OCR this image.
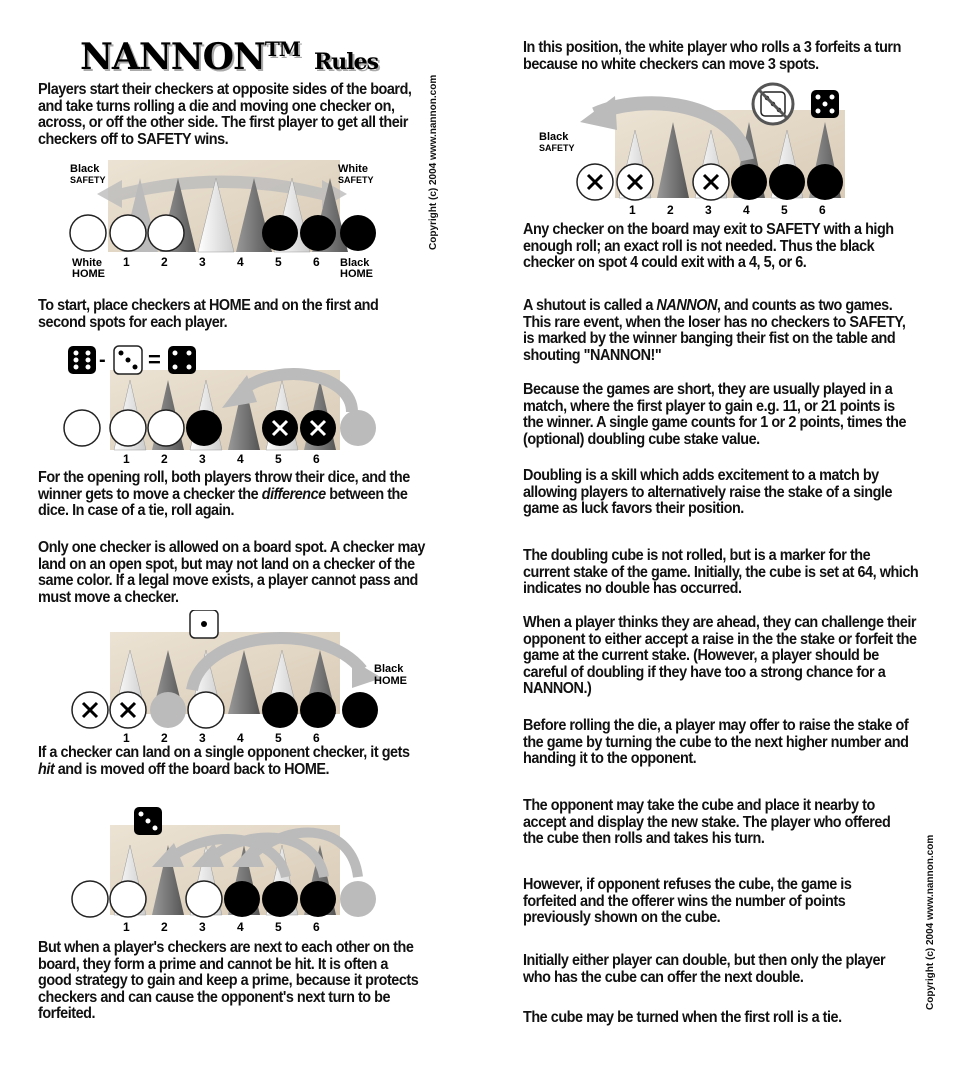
NANNON™ Rules
Copyright (c) 2004 www.nannon.com
Copyright (c) 2004 www.nannon.com

Players start their checkers at opposite sides of the board, and take turns rolling a die and moving one checker on, across, or off the other side. The first player to get all their checkers off to SAFETY wins.

To start, place checkers at HOME and on the first and second spots for each player.

For the opening roll, both players throw their dice, and the winner gets to move a checker the difference between the dice. In case of a tie, roll again.

Only one checker is allowed on a board spot. A checker may land on an open spot, but may not land on a checker of the same color. If a legal move exists, a player cannot pass and must move a checker.

If a checker can land on a single opponent checker, it gets hit and is moved off the board back to HOME.

But when a player's checkers are next to each other on the board, they form a prime and cannot be hit. It is often a good strategy to gain and keep a prime, because it protects checkers and can cause the opponent's next turn to be forfeited.

In this position, the white player who rolls a 3 forfeits a turn because no white checkers can move 3 spots.

Any checker on the board may exit to SAFETY with a high enough roll; an exact roll is not needed. Thus the black checker on spot 4 could exit with a 4, 5, or 6.

A shutout is called a NANNON, and counts as two games. This rare event, when the loser has no checkers to SAFETY, is marked by the winner banging their fist on the table and shouting "NANNON!"

Because the games are short, they are usually played in a match, where the first player to gain e.g. 11, or 21 points is the winner. A single game counts for 1 or 2 points, times the (optional) doubling cube stake value.

Doubling is a skill which adds excitement to a match by allowing players to alternatively raise the stake of a single game as luck favors their position.

The doubling cube is not rolled, but is a marker for the current stake of the game. Initially, the cube is set at 64, which indicates no double has occurred.

When a player thinks they are ahead, they can challenge their opponent to either accept a raise in the the stake or forfeit the game at the current stake. (However, a player should be careful of doubling if they have too a strong chance for a NANNON.)

Before rolling the die, a player may offer to raise the stake of the game by turning the cube to the next higher number and handing it to the opponent.

The opponent may take the cube and place it nearby to accept and display the new stake. The player who offered the cube then rolls and takes his turn.

However, if opponent refuses the cube, the game is forfeited and the offerer wins the number of points previously shown on the cube.

Initially either player can double, but then only the player who has the cube can offer the next double.

The cube may be turned when the first roll is a tie.

Black
SAFETY
White
SAFETY
White
HOME
Black
HOME
1	2	3	4	5	6
- =
1	2	3	4	5	6
Black
HOME
1	2	3	4	5	6
1	2	3	4	5	6
Black
SAFETY
1	2	3	4	5	6
